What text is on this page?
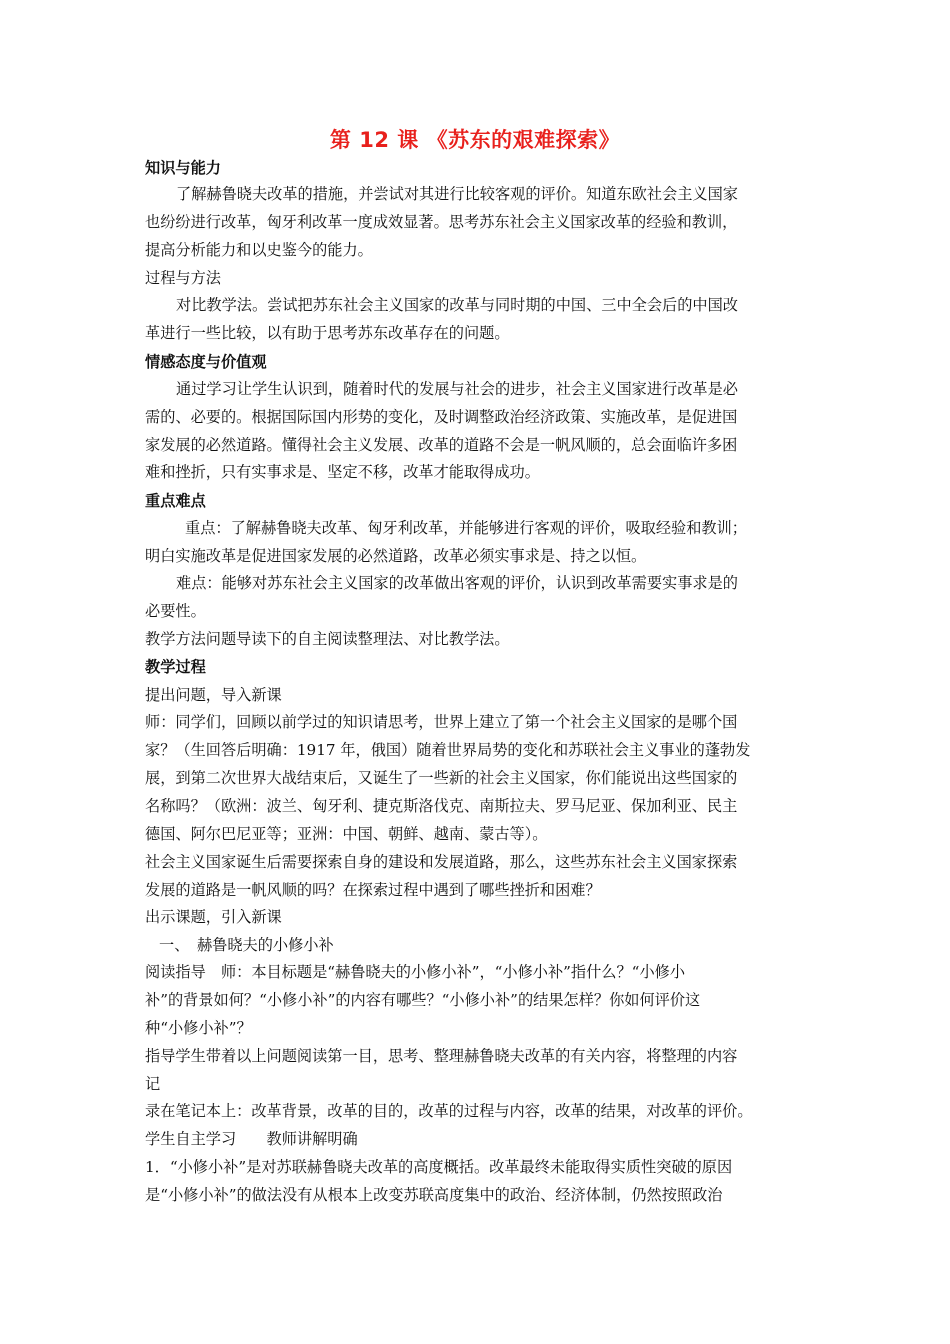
第 12 课 《苏东的艰难探索》
知识与能力
了解赫鲁晓夫改革的措施，并尝试对其进行比较客观的评价。知道东欧社会主义国家
也纷纷进行改革，匈牙利改革一度成效显著。思考苏东社会主义国家改革的经验和教训，
提高分析能力和以史鉴今的能力。
过程与方法
对比教学法。尝试把苏东社会主义国家的改革与同时期的中国、三中全会后的中国改
革进行一些比较，以有助于思考苏东改革存在的问题。
情感态度与价值观
通过学习让学生认识到，随着时代的发展与社会的进步，社会主义国家进行改革是必
需的、必要的。根据国际国内形势的变化，及时调整政治经济政策、实施改革，是促进国
家发展的必然道路。懂得社会主义发展、改革的道路不会是一帆风顺的，总会面临许多困
难和挫折，只有实事求是、坚定不移，改革才能取得成功。
重点难点
重点：了解赫鲁晓夫改革、匈牙利改革，并能够进行客观的评价，吸取经验和教训；
明白实施改革是促进国家发展的必然道路，改革必须实事求是、持之以恒。
难点：能够对苏东社会主义国家的改革做出客观的评价，认识到改革需要实事求是的
必要性。
教学方法问题导读下的自主阅读整理法、对比教学法。
教学过程
提出问题，导入新课
师：同学们，回顾以前学过的知识请思考，世界上建立了第一个社会主义国家的是哪个国
家？（生回答后明确：1917 年，俄国）随着世界局势的变化和苏联社会主义事业的蓬勃发
展，到第二次世界大战结束后，又诞生了一些新的社会主义国家，你们能说出这些国家的
名称吗？（欧洲：波兰、匈牙利、捷克斯洛伐克、南斯拉夫、罗马尼亚、保加利亚、民主
德国、阿尔巴尼亚等；亚洲：中国、朝鲜、越南、蒙古等）。
社会主义国家诞生后需要探索自身的建设和发展道路，那么，这些苏东社会主义国家探索
发展的道路是一帆风顺的吗？在探索过程中遇到了哪些挫折和困难？
出示课题，引入新课
一、　赫鲁晓夫的小修小补
阅读指导　师：本目标题是“赫鲁晓夫的小修小补”，“小修小补”指什么？“小修小
补”的背景如何？“小修小补”的内容有哪些？“小修小补”的结果怎样？你如何评价这
种“小修小补”？
指导学生带着以上问题阅读第一目，思考、整理赫鲁晓夫改革的有关内容，将整理的内容
记
录在笔记本上：改革背景，改革的目的，改革的过程与内容，改革的结果，对改革的评价。
学生自主学习　　教师讲解明确
1．“小修小补”是对苏联赫鲁晓夫改革的高度概括。改革最终未能取得实质性突破的原因
是“小修小补”的做法没有从根本上改变苏联高度集中的政治、经济体制，仍然按照政治
